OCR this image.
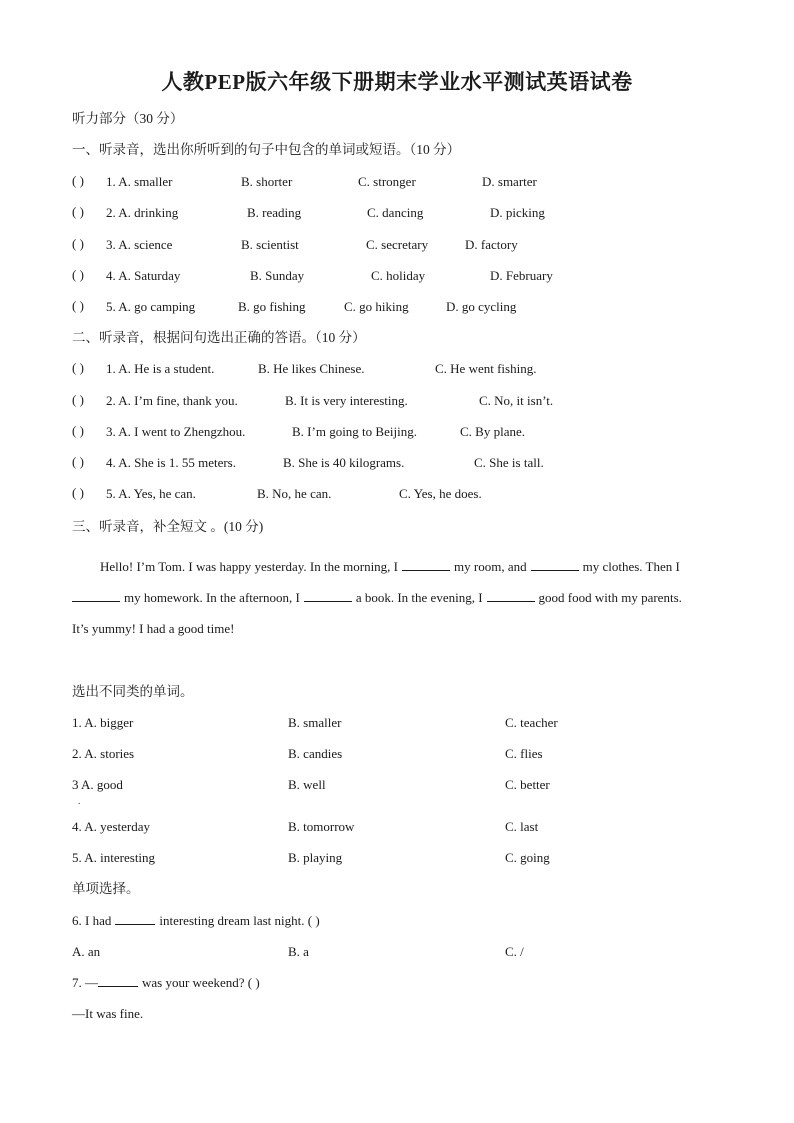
人教PEP版六年级下册期末学业水平测试英语试卷
听力部分（30 分）
一、听录音，选出你所听到的句子中包含的单词或短语。（10 分）
( ) 1. A. smaller	B. shorter	C. stronger	D. smarter
( ) 2. A. drinking	B. reading	C. dancing	D. picking
( ) 3. A. science	B. scientist	C. secretary	D. factory
( ) 4. A. Saturday	B. Sunday	C. holiday	D. February
( ) 5. A. go camping	B. go fishing	C. go hiking	D. go cycling
二、听录音，根据问句选出正确的答语。（10 分）
( ) 1. A. He is a student.	B. He likes Chinese.	C. He went fishing.
( ) 2. A. I’m fine, thank you.	B. It is very interesting.	C. No, it isn’t.
( ) 3. A. I went to Zhengzhou.	B. I’m going to Beijing.	C. By plane.
( ) 4. A. She is 1. 55 meters.	B. She is 40 kilograms.	C. She is tall.
( ) 5. A. Yes, he can.	B. No, he can.	C. Yes, he does.
三、听录音，补全短文 。(10 分)
Hello! I’m Tom. I was happy yesterday. In the morning, I	my room, and	my clothes. Then I
my homework. In the afternoon, I	a book. In the evening, I	good food with my parents.
It’s yummy! I had a good time!
选出不同类的单词。
1. A. bigger	B. smaller	C. teacher
2. A. stories	B. candies	C. flies
3 A. good	B. well	C. better
.
4. A. yesterday	B. tomorrow	C. last
5. A. interesting	B. playing	C. going
单项选择。
6. I had	interesting dream last night. ( )
A. an	B. a	C. /
7. —	was your weekend? ( )
—It was fine.
